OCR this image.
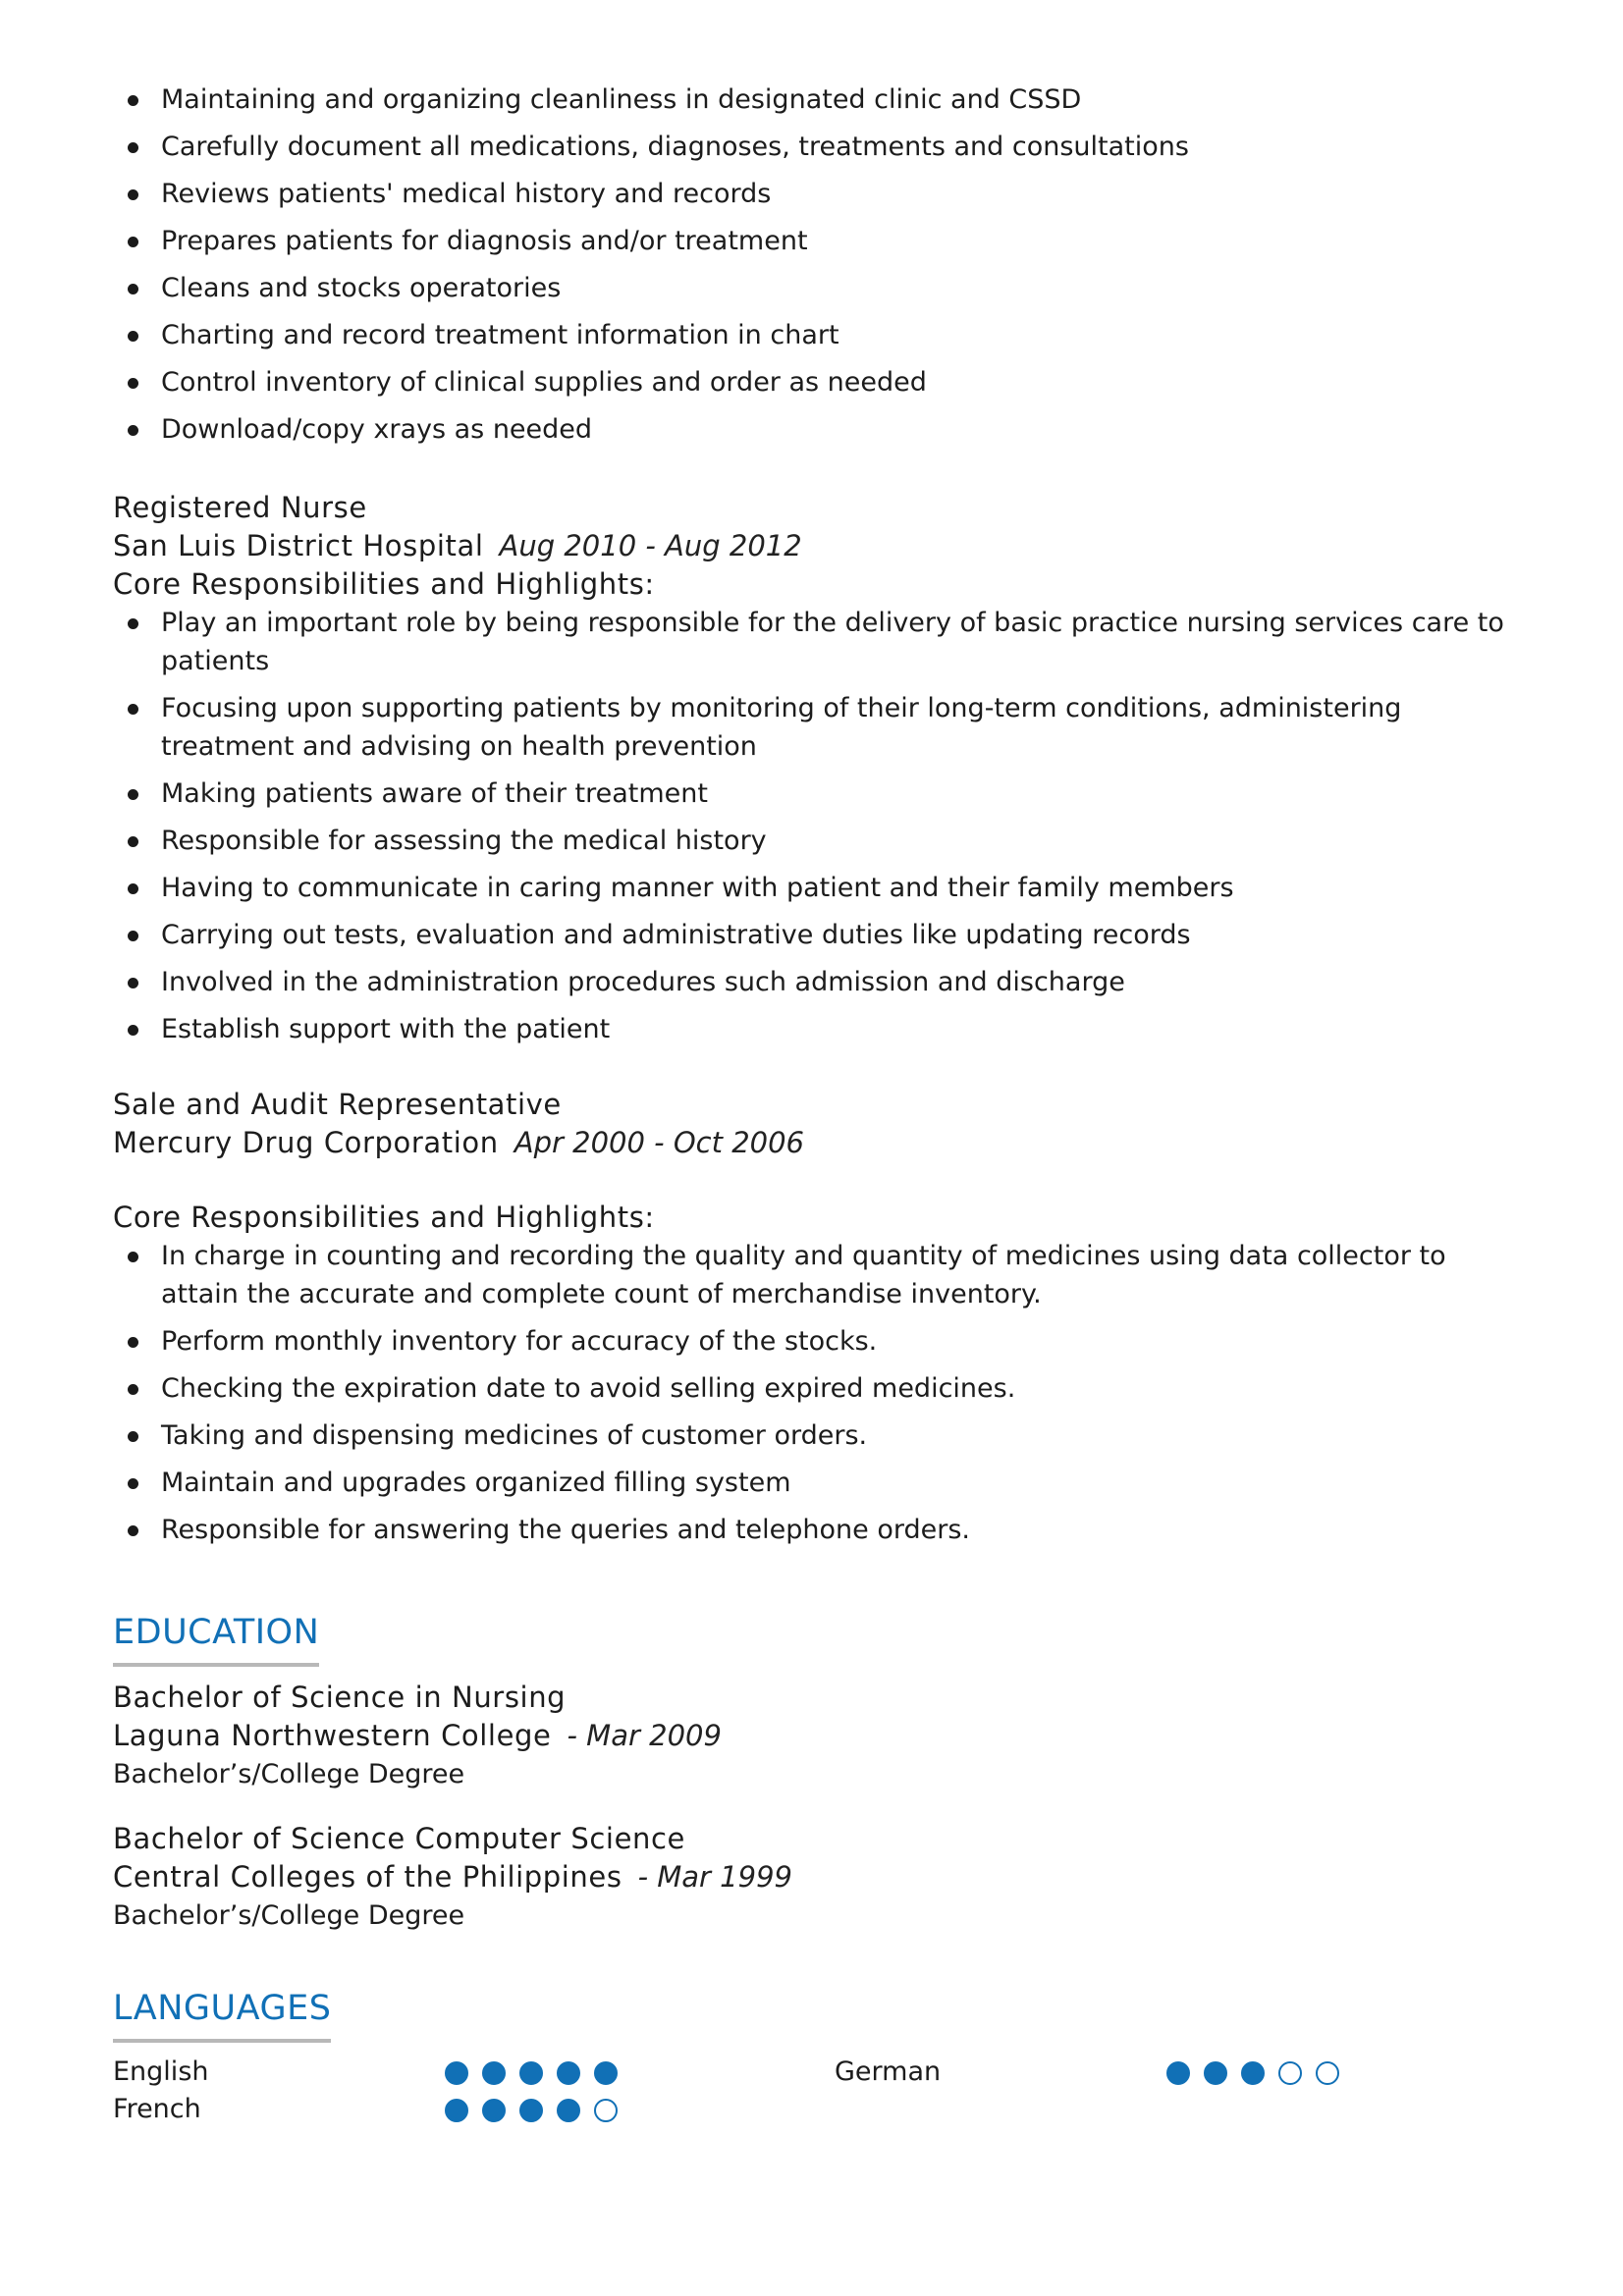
Maintaining and organizing cleanliness in designated clinic and CSSD
Carefully document all medications, diagnoses, treatments and consultations
Reviews patients' medical history and records
Prepares patients for diagnosis and/or treatment
Cleans and stocks operatories
Charting and record treatment information in chart
Control inventory of clinical supplies and order as needed
Download/copy xrays as needed
Registered Nurse
San Luis District Hospital Aug 2010 - Aug 2012
Core Responsibilities and Highlights:
Play an important role by being responsible for the delivery of basic practice nursing services care to patients
Focusing upon supporting patients by monitoring of their long-term conditions, administering treatment and advising on health prevention
Making patients aware of their treatment
Responsible for assessing the medical history
Having to communicate in caring manner with patient and their family members
Carrying out tests, evaluation and administrative duties like updating records
Involved in the administration procedures such admission and discharge
Establish support with the patient
Sale and Audit Representative
Mercury Drug Corporation Apr 2000 - Oct 2006
Core Responsibilities and Highlights:
In charge in counting and recording the quality and quantity of medicines using data collector to attain the accurate and complete count of merchandise inventory.
Perform monthly inventory for accuracy of the stocks.
Checking the expiration date to avoid selling expired medicines.
Taking and dispensing medicines of customer orders.
Maintain and upgrades organized filling system
Responsible for answering the queries and telephone orders.
EDUCATION
Bachelor of Science in Nursing
Laguna Northwestern College - Mar 2009
Bachelor’s/College Degree
Bachelor of Science Computer Science
Central Colleges of the Philippines - Mar 1999
Bachelor’s/College Degree
LANGUAGES
English	German
French
